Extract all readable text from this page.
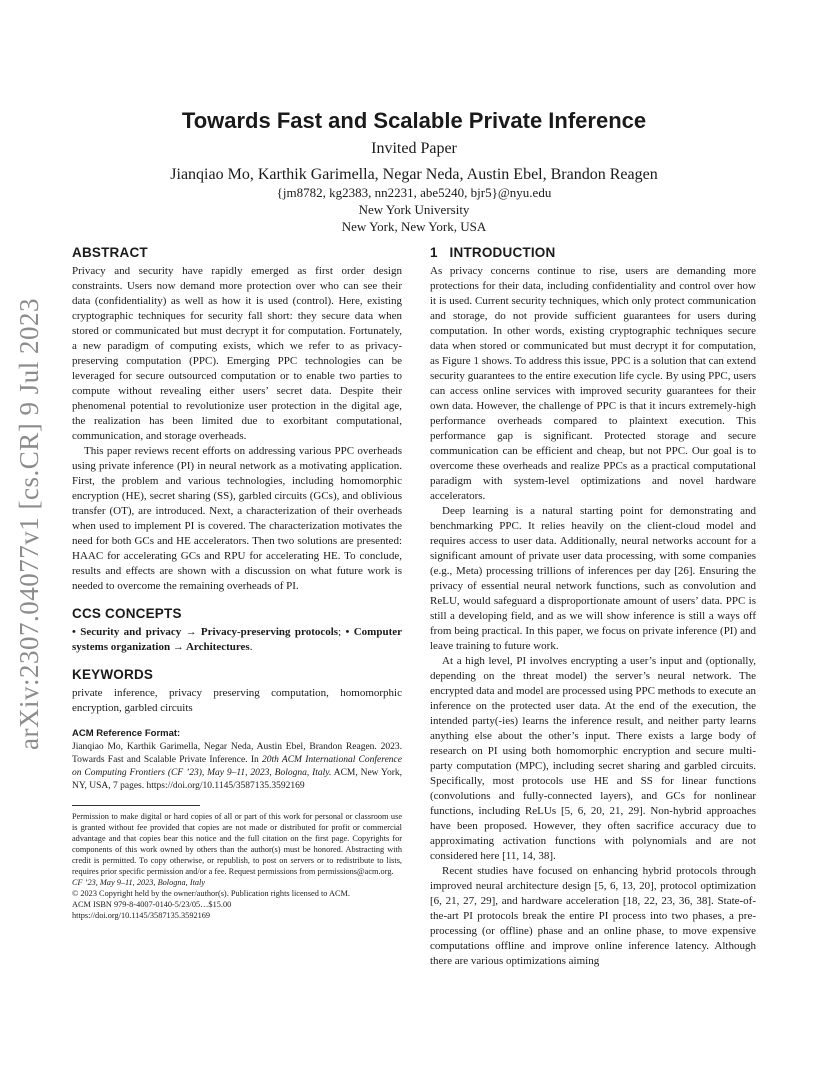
arXiv:2307.04077v1 [cs.CR] 9 Jul 2023
Towards Fast and Scalable Private Inference
Invited Paper
Jianqiao Mo, Karthik Garimella, Negar Neda, Austin Ebel, Brandon Reagen
{jm8782, kg2383, nn2231, abe5240, bjr5}@nyu.edu
New York University
New York, New York, USA
ABSTRACT

Privacy and security have rapidly emerged as first order design constraints. Users now demand more protection over who can see their data (confidentiality) as well as how it is used (control). Here, existing cryptographic techniques for security fall short: they secure data when stored or communicated but must decrypt it for computation. Fortunately, a new paradigm of computing exists, which we refer to as privacy-preserving computation (PPC). Emerging PPC technologies can be leveraged for secure outsourced computation or to enable two parties to compute without revealing either users’ secret data. Despite their phenomenal potential to revolutionize user protection in the digital age, the realization has been limited due to exorbitant computational, communication, and storage overheads.

This paper reviews recent efforts on addressing various PPC overheads using private inference (PI) in neural network as a motivating application. First, the problem and various technologies, including homomorphic encryption (HE), secret sharing (SS), garbled circuits (GCs), and oblivious transfer (OT), are introduced. Next, a characterization of their overheads when used to implement PI is covered. The characterization motivates the need for both GCs and HE accelerators. Then two solutions are presented: HAAC for accelerating GCs and RPU for accelerating HE. To conclude, results and effects are shown with a discussion on what future work is needed to overcome the remaining overheads of PI.

CCS CONCEPTS

• Security and privacy → Privacy-preserving protocols; • Computer systems organization → Architectures.

KEYWORDS

private inference, privacy preserving computation, homomorphic encryption, garbled circuits

ACM Reference Format:

Jianqiao Mo, Karthik Garimella, Negar Neda, Austin Ebel, Brandon Reagen. 2023. Towards Fast and Scalable Private Inference. In 20th ACM International Conference on Computing Frontiers (CF ’23), May 9–11, 2023, Bologna, Italy. ACM, New York, NY, USA, 7 pages. https://doi.org/10.1145/3587135.3592169

Permission to make digital or hard copies of all or part of this work for personal or classroom use is granted without fee provided that copies are not made or distributed for profit or commercial advantage and that copies bear this notice and the full citation on the first page. Copyrights for components of this work owned by others than the author(s) must be honored. Abstracting with credit is permitted. To copy otherwise, or republish, to post on servers or to redistribute to lists, requires prior specific permission and/or a fee. Request permissions from permissions@acm.org.

CF ’23, May 9–11, 2023, Bologna, Italy

© 2023 Copyright held by the owner/author(s). Publication rights licensed to ACM.

ACM ISBN 979-8-4007-0140-5/23/05…$15.00

https://doi.org/10.1145/3587135.3592169

1   INTRODUCTION

As privacy concerns continue to rise, users are demanding more protections for their data, including confidentiality and control over how it is used. Current security techniques, which only protect communication and storage, do not provide sufficient guarantees for users during computation. In other words, existing cryptographic techniques secure data when stored or communicated but must decrypt it for computation, as Figure 1 shows. To address this issue, PPC is a solution that can extend security guarantees to the entire execution life cycle. By using PPC, users can access online services with improved security guarantees for their own data. However, the challenge of PPC is that it incurs extremely-high performance overheads compared to plaintext execution. This performance gap is significant. Protected storage and secure communication can be efficient and cheap, but not PPC. Our goal is to overcome these overheads and realize PPCs as a practical computational paradigm with system-level optimizations and novel hardware accelerators.

Deep learning is a natural starting point for demonstrating and benchmarking PPC. It relies heavily on the client-cloud model and requires access to user data. Additionally, neural networks account for a significant amount of private user data processing, with some companies (e.g., Meta) processing trillions of inferences per day [26]. Ensuring the privacy of essential neural network functions, such as convolution and ReLU, would safeguard a disproportionate amount of users’ data. PPC is still a developing field, and as we will show inference is still a ways off from being practical. In this paper, we focus on private inference (PI) and leave training to future work.

At a high level, PI involves encrypting a user’s input and (optionally, depending on the threat model) the server’s neural network. The encrypted data and model are processed using PPC methods to execute an inference on the protected user data. At the end of the execution, the intended party(-ies) learns the inference result, and neither party learns anything else about the other’s input. There exists a large body of research on PI using both homomorphic encryption and secure multi-party computation (MPC), including secret sharing and garbled circuits. Specifically, most protocols use HE and SS for linear functions (convolutions and fully-connected layers), and GCs for nonlinear functions, including ReLUs [5, 6, 20, 21, 29]. Non-hybrid approaches have been proposed. However, they often sacrifice accuracy due to approximating activation functions with polynomials and are not considered here [11, 14, 38].

Recent studies have focused on enhancing hybrid protocols through improved neural architecture design [5, 6, 13, 20], protocol optimization [6, 21, 27, 29], and hardware acceleration [18, 22, 23, 36, 38]. State-of-the-art PI protocols break the entire PI process into two phases, a pre-processing (or offline) phase and an online phase, to move expensive computations offline and improve online inference latency. Although there are various optimizations aiming
